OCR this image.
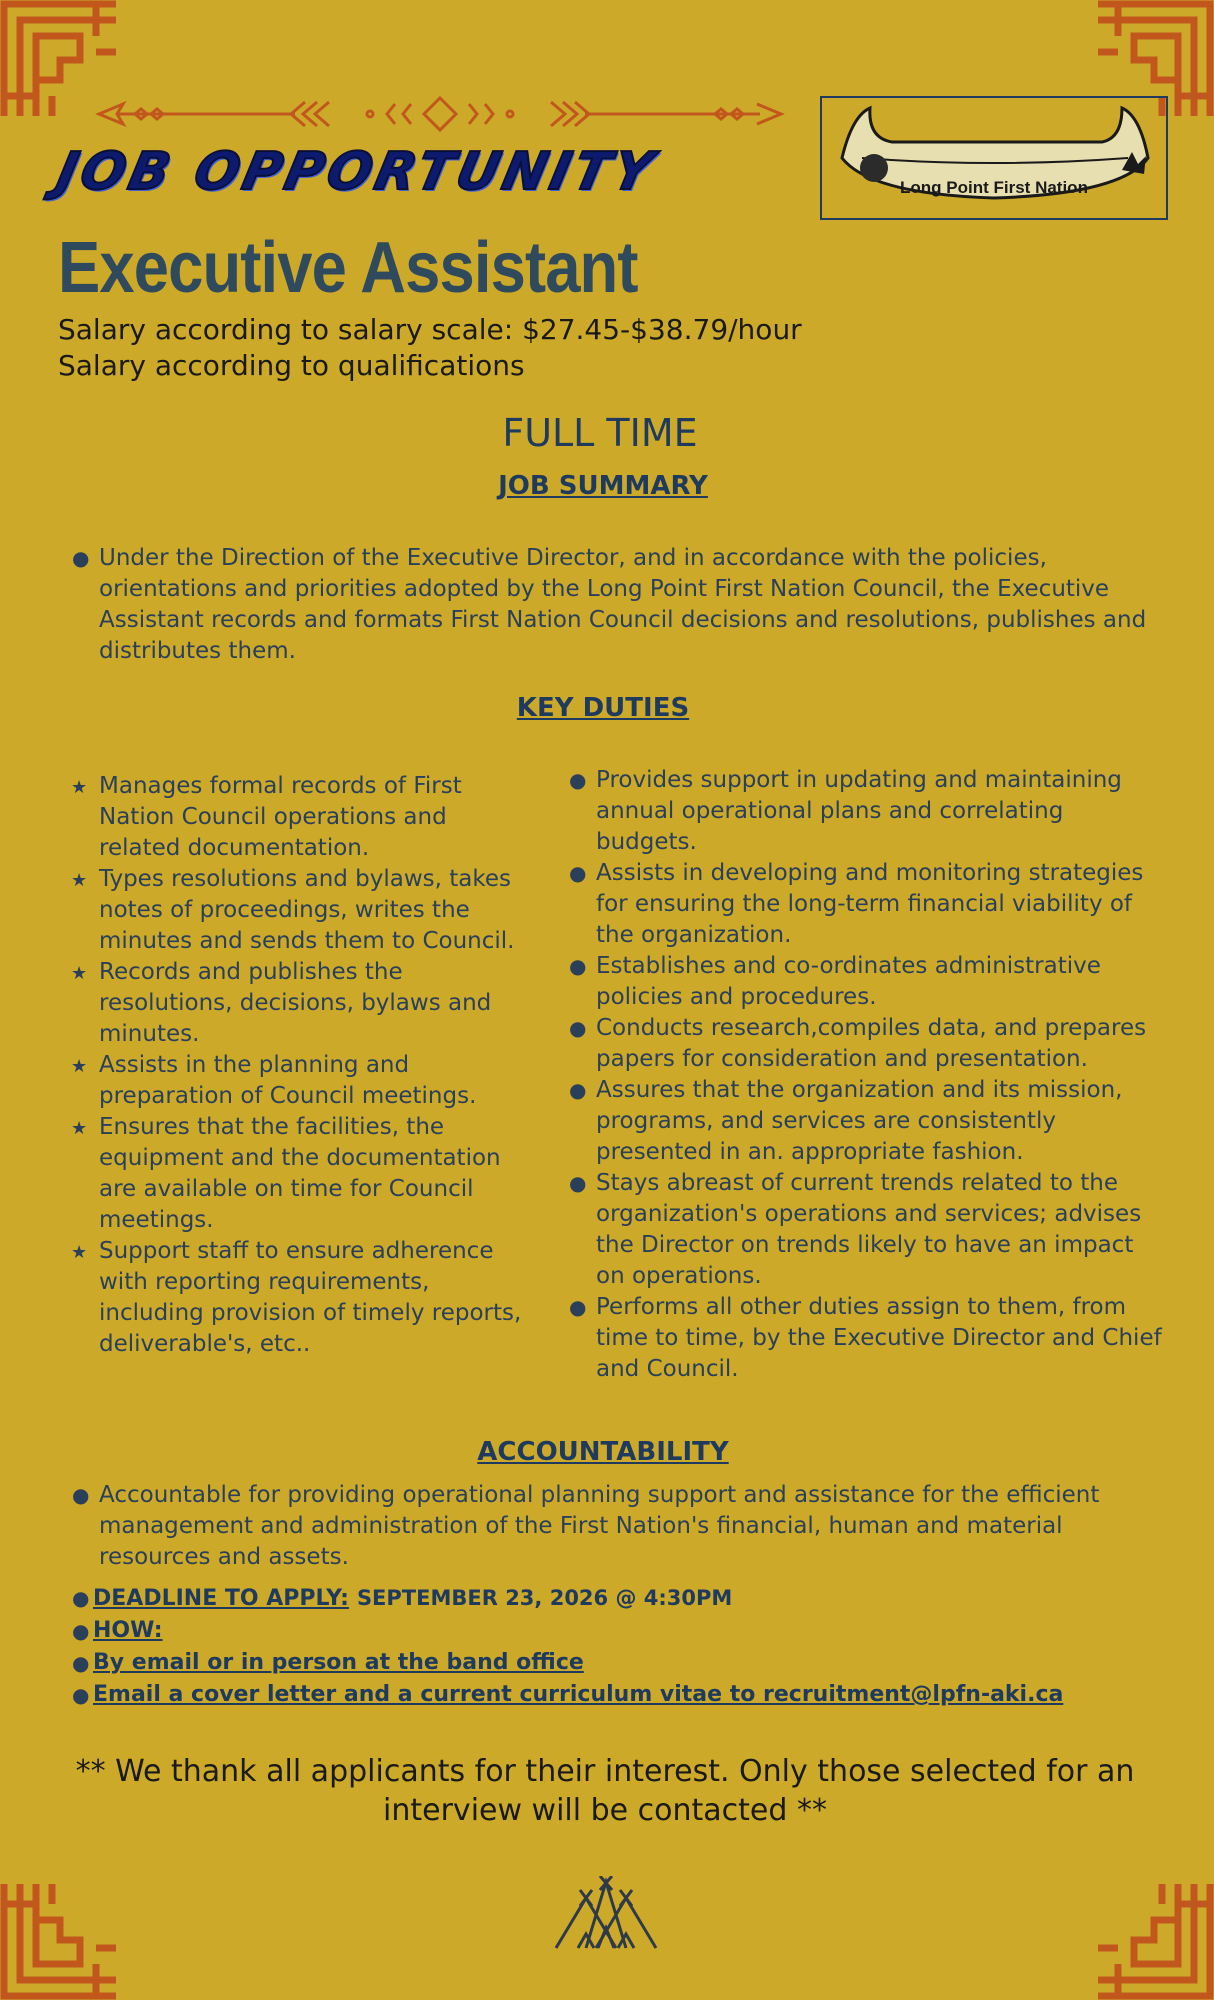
JOB OPPORTUNITY	Long Point First Nation
Executive Assistant
Salary according to salary scale: $27.45-$38.79/hour
Salary according to qualifications
FULL TIME
JOB SUMMARY
● Under the Direction of the Executive Director, and in accordance with the policies, orientations and priorities adopted by the Long Point First Nation Council, the Executive Assistant records and formats First Nation Council decisions and resolutions, publishes and distributes them.
KEY DUTIES
★ Manages formal records of First Nation Council operations and related documentation.
★ Types resolutions and bylaws, takes notes of proceedings, writes the minutes and sends them to Council.
★ Records and publishes the resolutions, decisions, bylaws and minutes.
★ Assists in the planning and preparation of Council meetings.
★ Ensures that the facilities, the equipment and the documentation are available on time for Council meetings.
★ Support staff to ensure adherence with reporting requirements, including provision of timely reports, deliverable's, etc..
● Provides support in updating and maintaining annual operational plans and correlating budgets.
● Assists in developing and monitoring strategies for ensuring the long-term financial viability of the organization.
● Establishes and co-ordinates administrative policies and procedures.
● Conducts research,compiles data, and prepares papers for consideration and presentation.
● Assures that the organization and its mission, programs, and services are consistently presented in an. appropriate fashion.
● Stays abreast of current trends related to the organization's operations and services; advises the Director on trends likely to have an impact on operations.
● Performs all other duties assign to them, from time to time, by the Executive Director and Chief and Council.
ACCOUNTABILITY
● Accountable for providing operational planning support and assistance for the efficient management and administration of the First Nation's financial, human and material resources and assets.
● DEADLINE TO APPLY: SEPTEMBER 23, 2026 @ 4:30PM
● HOW:
● By email or in person at the band office
● Email a cover letter and a current curriculum vitae to recruitment@lpfn-aki.ca
** We thank all applicants for their interest. Only those selected for an interview will be contacted **
